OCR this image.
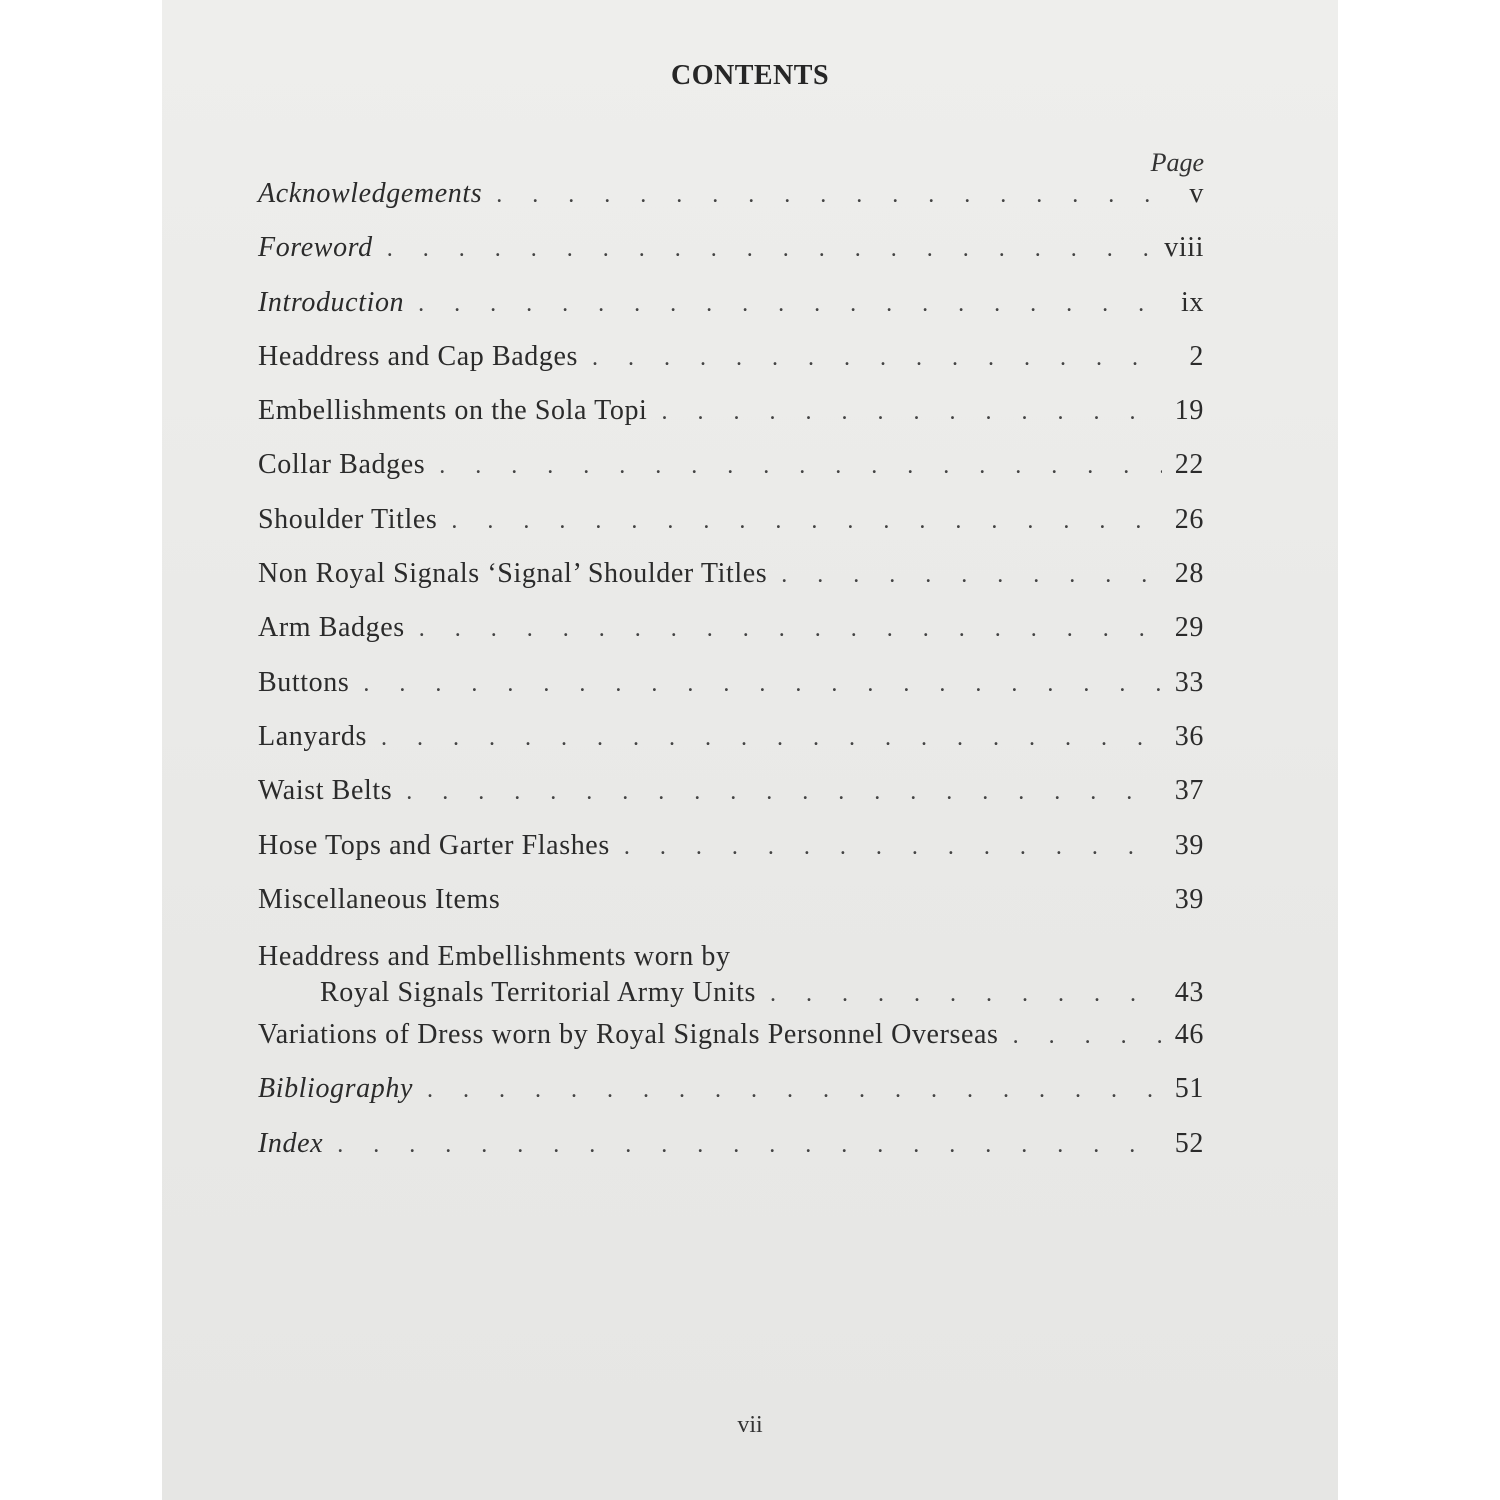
CONTENTS
Page
Acknowledgements . . .	v
Foreword . . .	viii
Introduction . . .	ix
Headdress and Cap Badges . . .	2
Embellishments on the Sola Topi . . .	19
Collar Badges . . .	22
Shoulder Titles . . .	26
Non Royal Signals ‘Signal’ Shoulder Titles . . .	28
Arm Badges . . .	29
Buttons . . .	33
Lanyards . . .	36
Waist Belts . . .	37
Hose Tops and Garter Flashes . . .	39
Miscellaneous Items	39
Headdress and Embellishments worn by
Royal Signals Territorial Army Units . . .	43
Variations of Dress worn by Royal Signals Personnel Overseas . . .	46
Bibliography . . .	51
Index . . .	52
vii
